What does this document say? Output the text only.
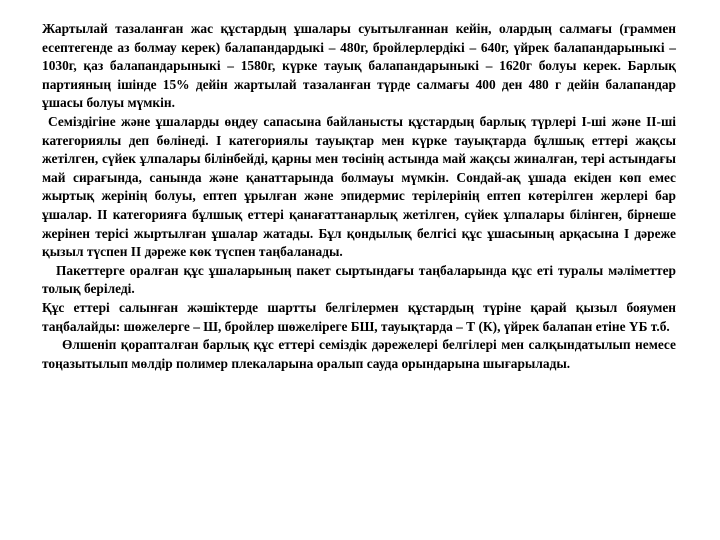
Жартылай тазаланған жас құстардың ұшалары суытылғаннан кейін, олардың салмағы (граммен есептегенде аз болмау керек) балапандардыкі – 480г, бройлерлердікі – 640г, үйрек балапандарыныкі – 1030г, қаз балапандарыныкі – 1580г, күрке тауық балапандарыныкі – 1620г болуы керек. Барлық партияның ішінде 15% дейін жартылай тазаланған түрде салмағы 400 ден 480 г дейін балапандар ұшасы болуы мүмкін.

Семіздігіне және ұшаларды өңдеу сапасына байланысты құстардың барлық түрлері І-ші және ІІ-ші категориялы деп бөлінеді. І категориялы тауықтар мен күрке тауықтарда бұлшық еттері жақсы жетілген, сүйек ұлпалары білінбейді, қарны мен төсінің астында май жақсы жиналған, тері астындағы май сирағында, санында және қанаттарында болмауы мүмкін. Сондай-ақ ұшада екіден көп емес жыртық жерінің болуы, ептеп ұрылған және эпидермис терілерінің ептеп көтерілген жерлері бар ұшалар. ІІ категорияға бұлшық еттері қанағаттанарлық жетілген, сүйек ұлпалары білінген, бірнеше жерінен терісі жыртылған ұшалар жатады. Бұл қондылық белгісі құс ұшасының арқасына І дәреже қызыл түспен ІІ дәреже көк түспен таңбаланады.

Пакеттерге оралған құс ұшаларының пакет сыртындағы таңбаларында құс еті туралы мәліметтер толық беріледі.

Құс еттері салынған жәшіктерде шартты белгілермен құстардың түріне қарай қызыл бояумен таңбалайды: шөжелерге – Ш, бройлер шөжеліреге БШ, тауықтарда – Т (К), үйрек балапан етіне ҮБ т.б.

Өлшеніп қорапталған барлық құс еттері семіздік дәрежелері белгілері мен салқындатылып немесе тоңазытылып мөлдір полимер плекаларына оралып сауда орындарына шығарылады.
